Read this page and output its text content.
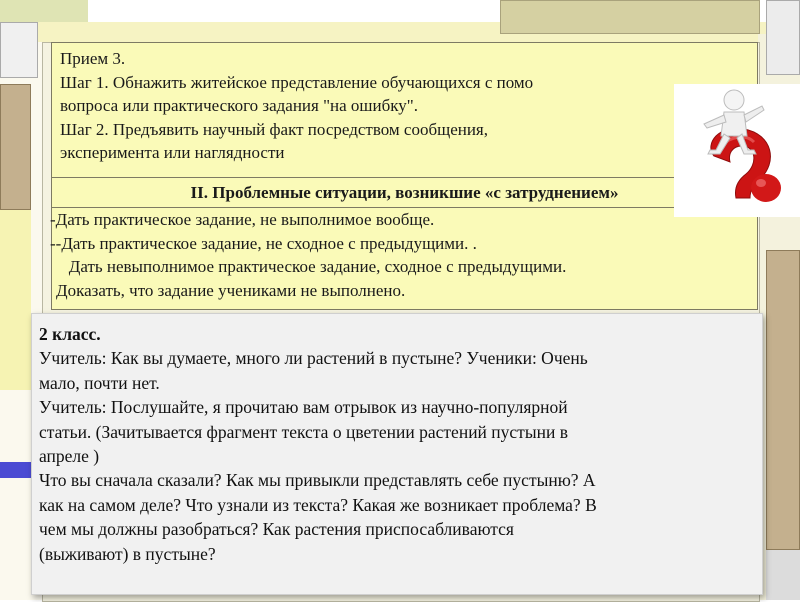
Прием 3.
Шаг 1. Обнажить житейское представление обучающихся с помо
вопроса или практического задания "на ошибку".
Шаг 2. Предъявить научный факт посредством сообщения,
эксперимента или наглядности
II. Проблемные ситуации, возникшие «с затруднением»
-Дать практическое задание, не выполнимое вообще.
--Дать практическое задание, не сходное с предыдущими. .
Дать невыполнимое практическое задание, сходное с предыдущими.
Доказать, что задание учениками не выполнено.
2 класс.
Учитель: Как вы думаете, много ли растений в пустыне? Ученики: Очень
мало, почти нет.
Учитель: Послушайте, я прочитаю вам отрывок из научно-популярной
статьи. (Зачитывается фрагмент текста о цветении растений пустыни в
апреле )
Что вы сначала сказали? Как мы привыкли представлять себе пустыню? А
как на самом деле? Что узнали из текста? Какая же возникает проблема? В
чем мы должны разобраться? Как растения приспосабливаются
(выживают) в пустыне?
